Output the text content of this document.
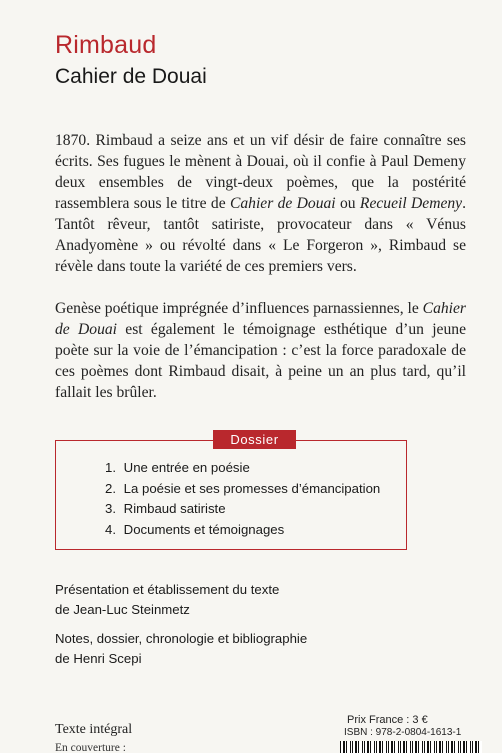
Rimbaud
Cahier de Douai

1870. Rimbaud a seize ans et un vif désir de faire connaître ses écrits. Ses fugues le mènent à Douai, où il confie à Paul Demeny deux ensembles de vingt-deux poèmes, que la postérité rassemblera sous le titre de Cahier de Douai ou Recueil Demeny. Tantôt rêveur, tantôt satiriste, provocateur dans « Vénus Anadyomène » ou révolté dans « Le Forgeron », Rimbaud se révèle dans toute la variété de ces premiers vers.

Genèse poétique imprégnée d’influences parnassiennes, le Cahier de Douai est également le témoignage esthétique d’un jeune poète sur la voie de l’émancipation : c’est la force paradoxale de ces poèmes dont Rimbaud disait, à peine un an plus tard, qu’il fallait les brûler.

Dossier
1. Une entrée en poésie
2. La poésie et ses promesses d’émancipation
3. Rimbaud satiriste
4. Documents et témoignages
Présentation et établissement du texte
de Jean-Luc Steinmetz
Notes, dossier, chronologie et bibliographie
de Henri Scepi
Texte intégral
En couverture :
Prix France : 3 €
ISBN : 978-2-0804-1613-1
